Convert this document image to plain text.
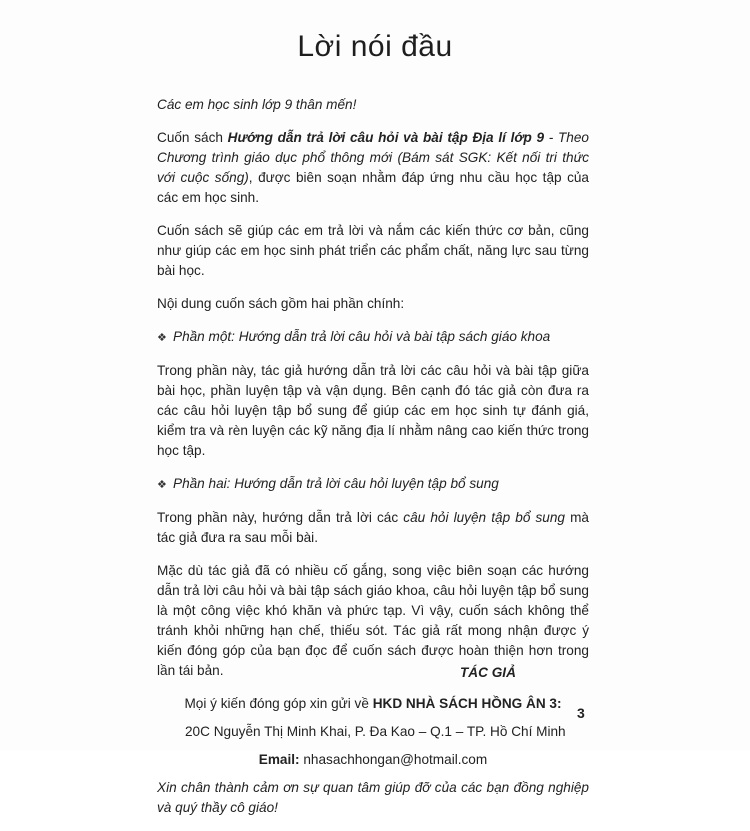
Lời nói đầu

Các em học sinh lớp 9 thân mến!

Cuốn sách Hướng dẫn trả lời câu hỏi và bài tập Địa lí lớp 9 - Theo Chương trình giáo dục phổ thông mới (Bám sát SGK: Kết nối tri thức với cuộc sống), được biên soạn nhằm đáp ứng nhu cầu học tập của các em học sinh.

Cuốn sách sẽ giúp các em trả lời và nắm các kiến thức cơ bản, cũng như giúp các em học sinh phát triển các phẩm chất, năng lực sau từng bài học.

Nội dung cuốn sách gồm hai phần chính:

❖ Phần một: Hướng dẫn trả lời câu hỏi và bài tập sách giáo khoa

Trong phần này, tác giả hướng dẫn trả lời các câu hỏi và bài tập giữa bài học, phần luyện tập và vận dụng. Bên cạnh đó tác giả còn đưa ra các câu hỏi luyện tập bổ sung để giúp các em học sinh tự đánh giá, kiểm tra và rèn luyện các kỹ năng địa lí nhằm nâng cao kiến thức trong học tập.

❖ Phần hai: Hướng dẫn trả lời câu hỏi luyện tập bổ sung

Trong phần này, hướng dẫn trả lời các câu hỏi luyện tập bổ sung mà tác giả đưa ra sau mỗi bài.

Mặc dù tác giả đã có nhiều cố gắng, song việc biên soạn các hướng dẫn trả lời câu hỏi và bài tập sách giáo khoa, câu hỏi luyện tập bổ sung là một công việc khó khăn và phức tạp. Vì vậy, cuốn sách không thể tránh khỏi những hạn chế, thiếu sót. Tác giả rất mong nhận được ý kiến đóng góp của bạn đọc để cuốn sách được hoàn thiện hơn trong lần tái bản.

Mọi ý kiến đóng góp xin gửi về HKD NHÀ SÁCH HỒNG ÂN 3:

20C Nguyễn Thị Minh Khai, P. Đa Kao – Q.1 – TP. Hồ Chí Minh

Email: nhasachhongan@hotmail.com

Xin chân thành cảm ơn sự quan tâm giúp đỡ của các bạn đồng nghiệp và quý thầy cô giáo!

TÁC GIẢ
3
